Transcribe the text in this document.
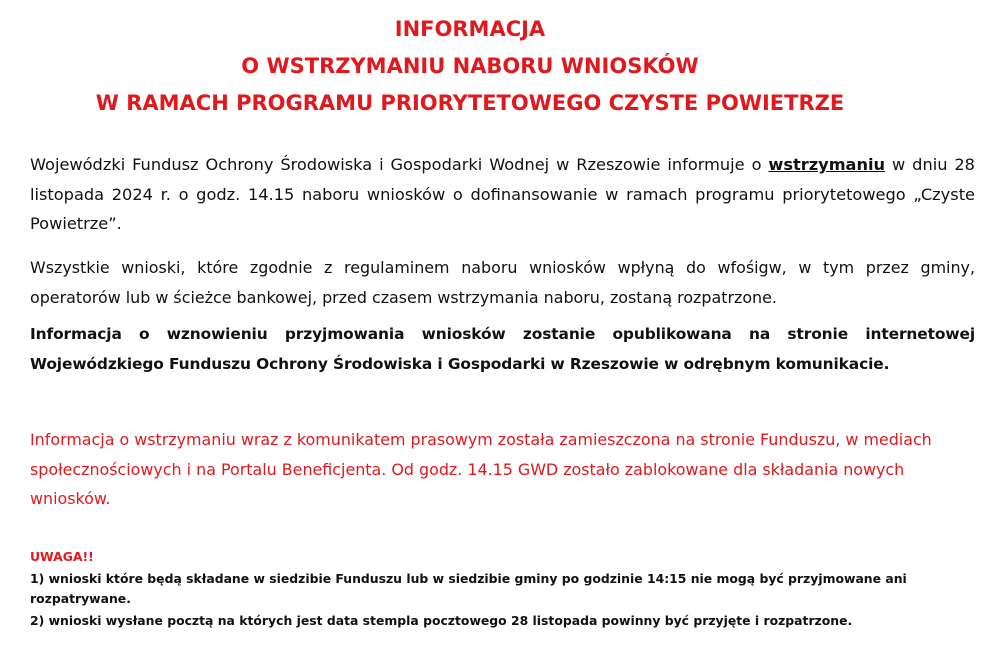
INFORMACJA
O WSTRZYMANIU NABORU WNIOSKÓW
W RAMACH PROGRAMU PRIORYTETOWEGO CZYSTE POWIETRZE

Wojewódzki Fundusz Ochrony Środowiska i Gospodarki Wodnej w Rzeszowie informuje o wstrzymaniu w dniu 28 listopada 2024 r. o godz. 14.15 naboru wniosków o dofinansowanie w ramach programu priorytetowego „Czyste Powietrze”.

Wszystkie wnioski, które zgodnie z regulaminem naboru wniosków wpłyną do wfośigw, w tym przez gminy, operatorów lub w ścieżce bankowej, przed czasem wstrzymania naboru, zostaną rozpatrzone.

Informacja o wznowieniu przyjmowania wniosków zostanie opublikowana na stronie internetowej Wojewódzkiego Funduszu Ochrony Środowiska i Gospodarki w Rzeszowie w odrębnym komunikacie.

Informacja o wstrzymaniu wraz z komunikatem prasowym została zamieszczona na stronie Funduszu, w mediach społecznościowych i na Portalu Beneficjenta. Od godz. 14.15 GWD zostało zablokowane dla składania nowych wniosków.

UWAGA!!

1) wnioski które będą składane w siedzibie Funduszu lub w siedzibie gminy po godzinie 14:15 nie mogą być przyjmowane ani rozpatrywane.

2) wnioski wysłane pocztą na których jest data stempla pocztowego 28 listopada powinny być przyjęte i rozpatrzone.
